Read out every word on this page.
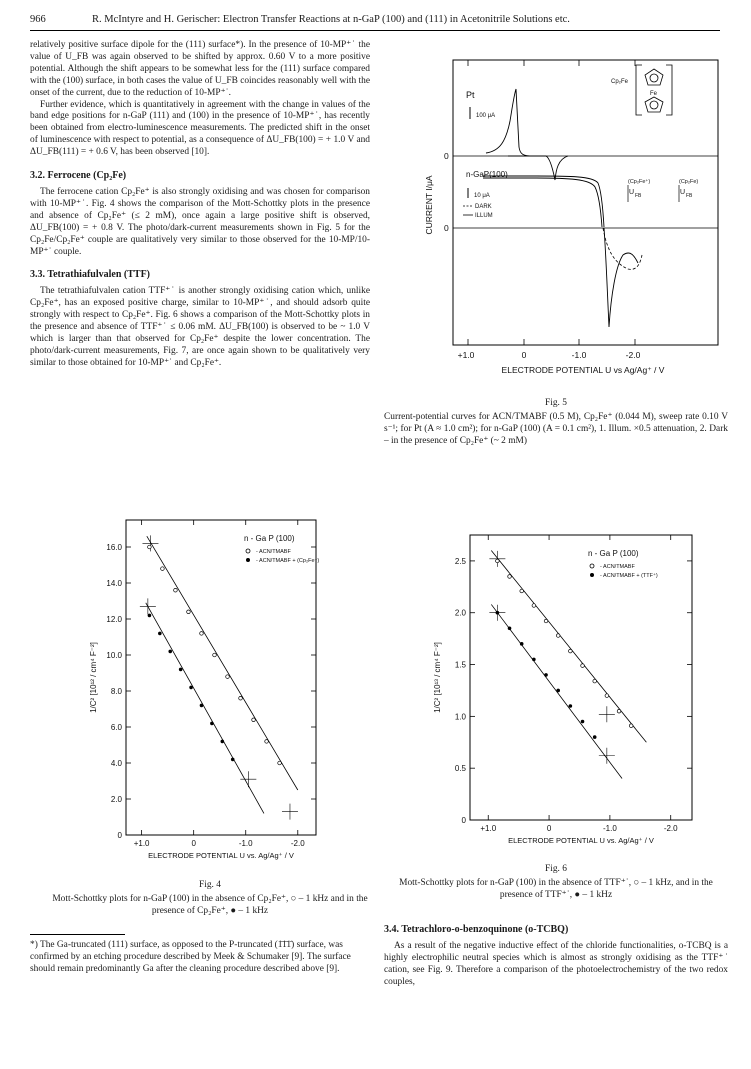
966	R. McIntyre and H. Gerischer: Electron Transfer Reactions at n-GaP (100) and (111) in Acetonitrile Solutions etc.

relatively positive surface dipole for the (111) surface*). In the presence of 10-MP⁺˙ the value of U_FB was again observed to be shifted by approx. 0.60 V to a more positive potential. Although the shift appears to be somewhat less for the (111) surface compared with the (100) surface, in both cases the value of U_FB coincides reasonably well with the onset of the current, due to the reduction of 10-MP⁺˙.

Further evidence, which is quantitatively in agreement with the change in values of the band edge positions for n-GaP (111) and (100) in the presence of 10-MP⁺˙, has recently been obtained from electro-luminescence measurements. The predicted shift in the onset of luminescence with respect to potential, as a consequence of ΔU_FB(100) = + 1.0 V and ΔU_FB(111) = + 0.6 V, has been observed [10].

3.2. Ferrocene (Cp₂Fe)

The ferrocene cation Cp₂Fe⁺ is also strongly oxidising and was chosen for comparison with 10-MP⁺˙. Fig. 4 shows the comparison of the Mott-Schottky plots in the presence and absence of Cp₂Fe⁺ (≤ 2 mM), once again a large positive shift is observed, ΔU_FB(100) = + 0.8 V. The photo/dark-current measurements shown in Fig. 5 for the Cp₂Fe/Cp₂Fe⁺ couple are qualitatively very similar to those observed for the 10-MP/10-MP⁺˙ couple.

3.3. Tetrathiafulvalen (TTF)

The tetrathiafulvalen cation TTF⁺˙ is another strongly oxidising cation which, unlike Cp₂Fe⁺, has an exposed positive charge, similar to 10-MP⁺˙, and should adsorb quite strongly with respect to Cp₂Fe⁺. Fig. 6 shows a comparison of the Mott-Schottky plots in the presence and absence of TTF⁺˙ ≤ 0.06 mM. ΔU_FB(100) is observed to be ~ 1.0 V which is larger than that observed for Cp₂Fe⁺ despite the lower concentration. The photo/dark-current measurements, Fig. 7, are once again shown to be qualitatively very similar to those obtained for 10-MP⁺˙ and Cp₂Fe⁺.

+1.0	0	-1.0	-2.0
ELECTRODE POTENTIAL U vs Ag/Ag⁺ / V
CURRENT I/μA
0
Pt
100 μA
Cp₂Fe
Fe
0
n-GaP(100)
10 μA
DARK
ILLUM
(Cp₂Fe⁺)
U FB
(Cp₂Fe)
U FB
Fig. 5
Current-potential curves for ACN/TMABF (0.5 M), Cp₂Fe⁺ (0.044 M), sweep rate 0.10 V s⁻¹; for Pt (A ≈ 1.0 cm²); for n-GaP (100) (A = 0.1 cm²), 1. Illum. ×0.5 attenuation, 2. Dark – in the presence of Cp₂Fe⁺ (~ 2 mM)
+1.0	0	-1.0	-2.0
0
2.0
4.0
6.0
8.0
10.0
12.0
14.0
16.0
ELECTRODE POTENTIAL U vs. Ag/Ag⁺ / V
1/C² [10¹² / cm⁴ F⁻²]
n - Ga P (100)
- ACN/TMABF
- ACN/TMABF + (Cp₂Fe⁺)
Fig. 4
Mott-Schottky plots for n-GaP (100) in the absence of Cp₂Fe⁺, ○ – 1 kHz and in the presence of Cp₂Fe⁺, ● – 1 kHz
+1.0	0	-1.0	-2.0
0
0.5
1.0
1.5
2.0
2.5
ELECTRODE POTENTIAL U vs. Ag/Ag⁺ / V
1/C² [10¹³ / cm⁴ F⁻²]
n - Ga P (100)
- ACN/TMABF
- ACN/TMABF + (TTF⁺)
Fig. 6
Mott-Schottky plots for n-GaP (100) in the absence of TTF⁺˙, ○ – 1 kHz, and in the presence of TTF⁺˙, ● – 1 kHz
*) The Ga-truncated (111) surface, as opposed to the P-truncated (1̄1̄1̄) surface, was confirmed by an etching procedure described by Meek & Schumaker [9]. The surface should remain predominantly Ga after the cleaning procedure described above [9].
3.4. Tetrachloro-o-benzoquinone (o-TCBQ)

As a result of the negative inductive effect of the chloride functionalities, o-TCBQ is a highly electrophilic neutral species which is almost as strongly oxidising as the TTF⁺˙ cation, see Fig. 9. Therefore a comparison of the photoelectrochemistry of the two redox couples,
